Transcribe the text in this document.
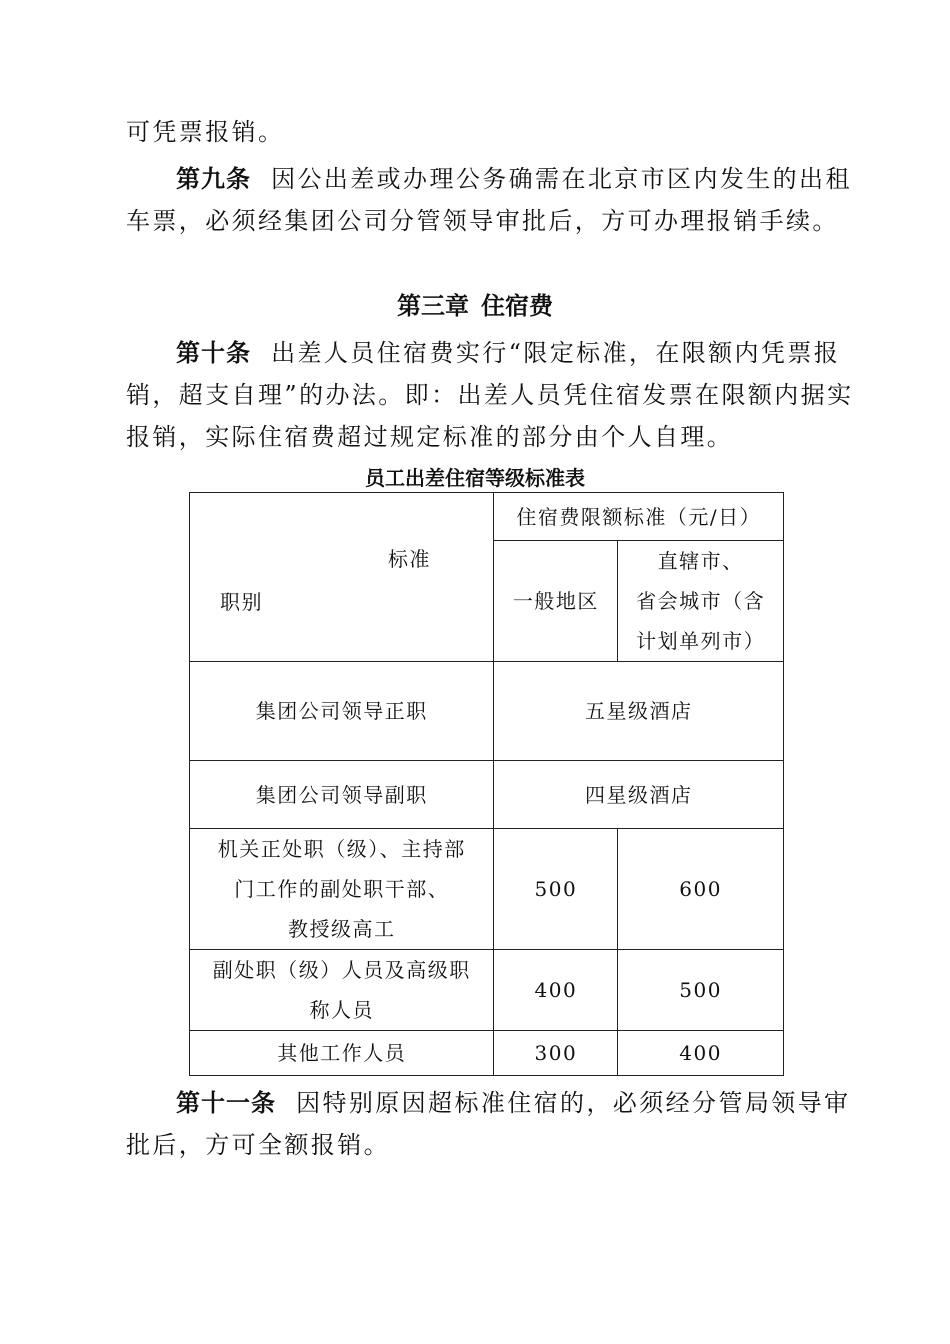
可凭票报销。
第九条 因公出差或办理公务确需在北京市区内发生的出租
车票，必须经集团公司分管领导审批后，方可办理报销手续。
第三章 住宿费
第十条 出差人员住宿费实行“限定标准，在限额内凭票报
销，超支自理”的办法。即：出差人员凭住宿发票在限额内据实
报销，实际住宿费超过规定标准的部分由个人自理。
员工出差住宿等级标准表
标准
职别	住宿费限额标准（元/日）	
	一般地区	直辖市、
省会城市（含
计划单列市）

集团公司领导正职	五星级酒店	
集团公司领导副职	四星级酒店	

机关正处职（级）、主持部
门工作的副处职干部、
教授级高工	500	600

副处职（级）人员及高级职
称人员	400	500
其他工作人员	300	400
第十一条 因特别原因超标准住宿的，必须经分管局领导审
批后，方可全额报销。
